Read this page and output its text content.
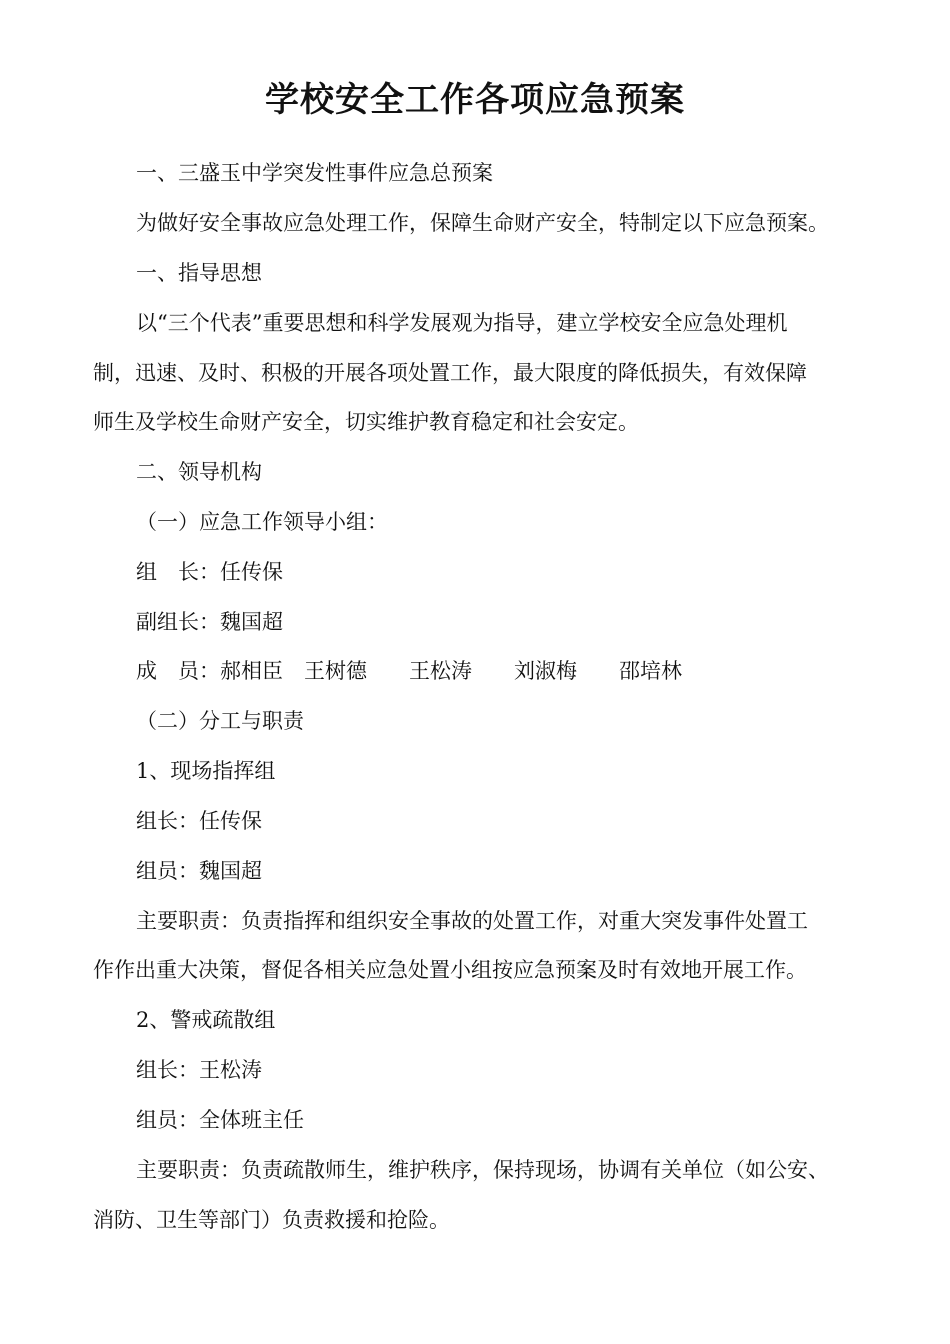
学校安全工作各项应急预案
一、三盛玉中学突发性事件应急总预案
为做好安全事故应急处理工作，保障生命财产安全，特制定以下应急预案。
一、指导思想
以“三个代表”重要思想和科学发展观为指导，建立学校安全应急处理机
制，迅速、及时、积极的开展各项处置工作，最大限度的降低损失，有效保障
师生及学校生命财产安全，切实维护教育稳定和社会安定。
二、领导机构
（一）应急工作领导小组：
组　长：任传保
副组长：魏国超
成　员：郝相臣　王树德　　王松涛　　刘淑梅　　邵培林
（二）分工与职责
1、现场指挥组
组长：任传保
组员：魏国超
主要职责：负责指挥和组织安全事故的处置工作，对重大突发事件处置工
作作出重大决策，督促各相关应急处置小组按应急预案及时有效地开展工作。
2、警戒疏散组
组长：王松涛
组员：全体班主任
主要职责：负责疏散师生，维护秩序，保持现场，协调有关单位（如公安、
消防、卫生等部门）负责救援和抢险。
